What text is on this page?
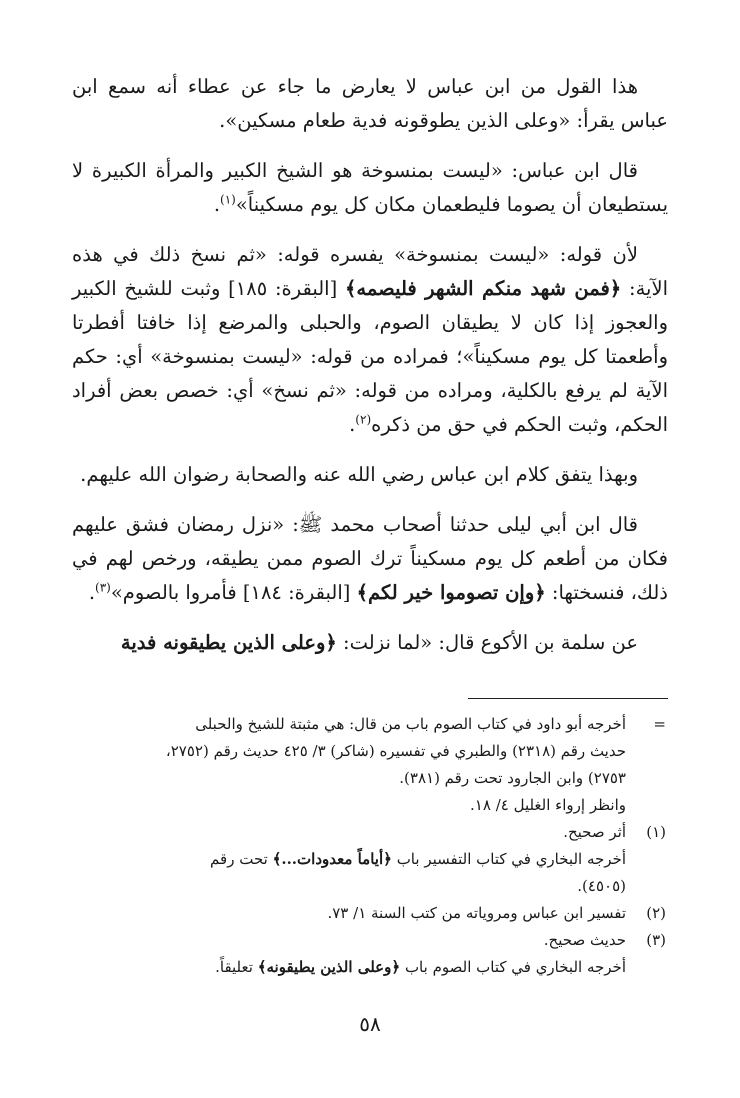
هذا القول من ابن عباس لا يعارض ما جاء عن عطاء أنه سمع ابن عباس يقرأ: «وعلى الذين يطوقونه فدية طعام مسكين».

قال ابن عباس: «ليست بمنسوخة هو الشيخ الكبير والمرأة الكبيرة لا يستطيعان أن يصوما فليطعمان مكان كل يوم مسكيناً»$^{(١)}$.

لأن قوله: «ليست بمنسوخة» يفسره قوله: «ثم نسخ ذلك في هذه الآية: ﴿فمن شهد منكم الشهر فليصمه﴾ [البقرة: ١٨٥] وثبت للشيخ الكبير والعجوز إذا كان لا يطيقان الصوم، والحبلى والمرضع إذا خافتا أفطرتا وأطعمتا كل يوم مسكيناً»؛ فمراده من قوله: «ليست بمنسوخة» أي: حكم الآية لم يرفع بالكلية، ومراده من قوله: «ثم نسخ» أي: خصص بعض أفراد الحكم، وثبت الحكم في حق من ذكره$^{(٢)}$.

وبهذا يتفق كلام ابن عباس رضي الله عنه والصحابة رضوان الله عليهم.

قال ابن أبي ليلى حدثنا أصحاب محمد ﷺ: «نزل رمضان فشق عليهم فكان من أطعم كل يوم مسكيناً ترك الصوم ممن يطيقه، ورخص لهم في ذلك، فنسختها: ﴿وإن تصوموا خير لكم﴾ [البقرة: ١٨٤] فأمروا بالصوم»$^{(٣)}$.

عن سلمة بن الأكوع قال: «لما نزلت: ﴿وعلى الذين يطيقونه فدية

=
أخرجه أبو داود في كتاب الصوم باب من قال: هي مثبتة للشيخ والحبلى
حديث رقم (٢٣١٨) والطبري في تفسيره (شاكر) ٣/ ٤٢٥ حديث رقم (٢٧٥٢،
٢٧٥٣) وابن الجارود تحت رقم (٣٨١).
وانظر إرواء الغليل ٤/ ١٨.
(١)
أثر صحيح.
أخرجه البخاري في كتاب التفسير باب ﴿أياماً معدودات...﴾ تحت رقم
(٤٥٠٥).
(٢)
تفسير ابن عباس ومروياته من كتب السنة ١/ ٧٣.
(٣)
حديث صحيح.
أخرجه البخاري في كتاب الصوم باب ﴿وعلى الذين يطيقونه﴾ تعليقاً.
٥٨
